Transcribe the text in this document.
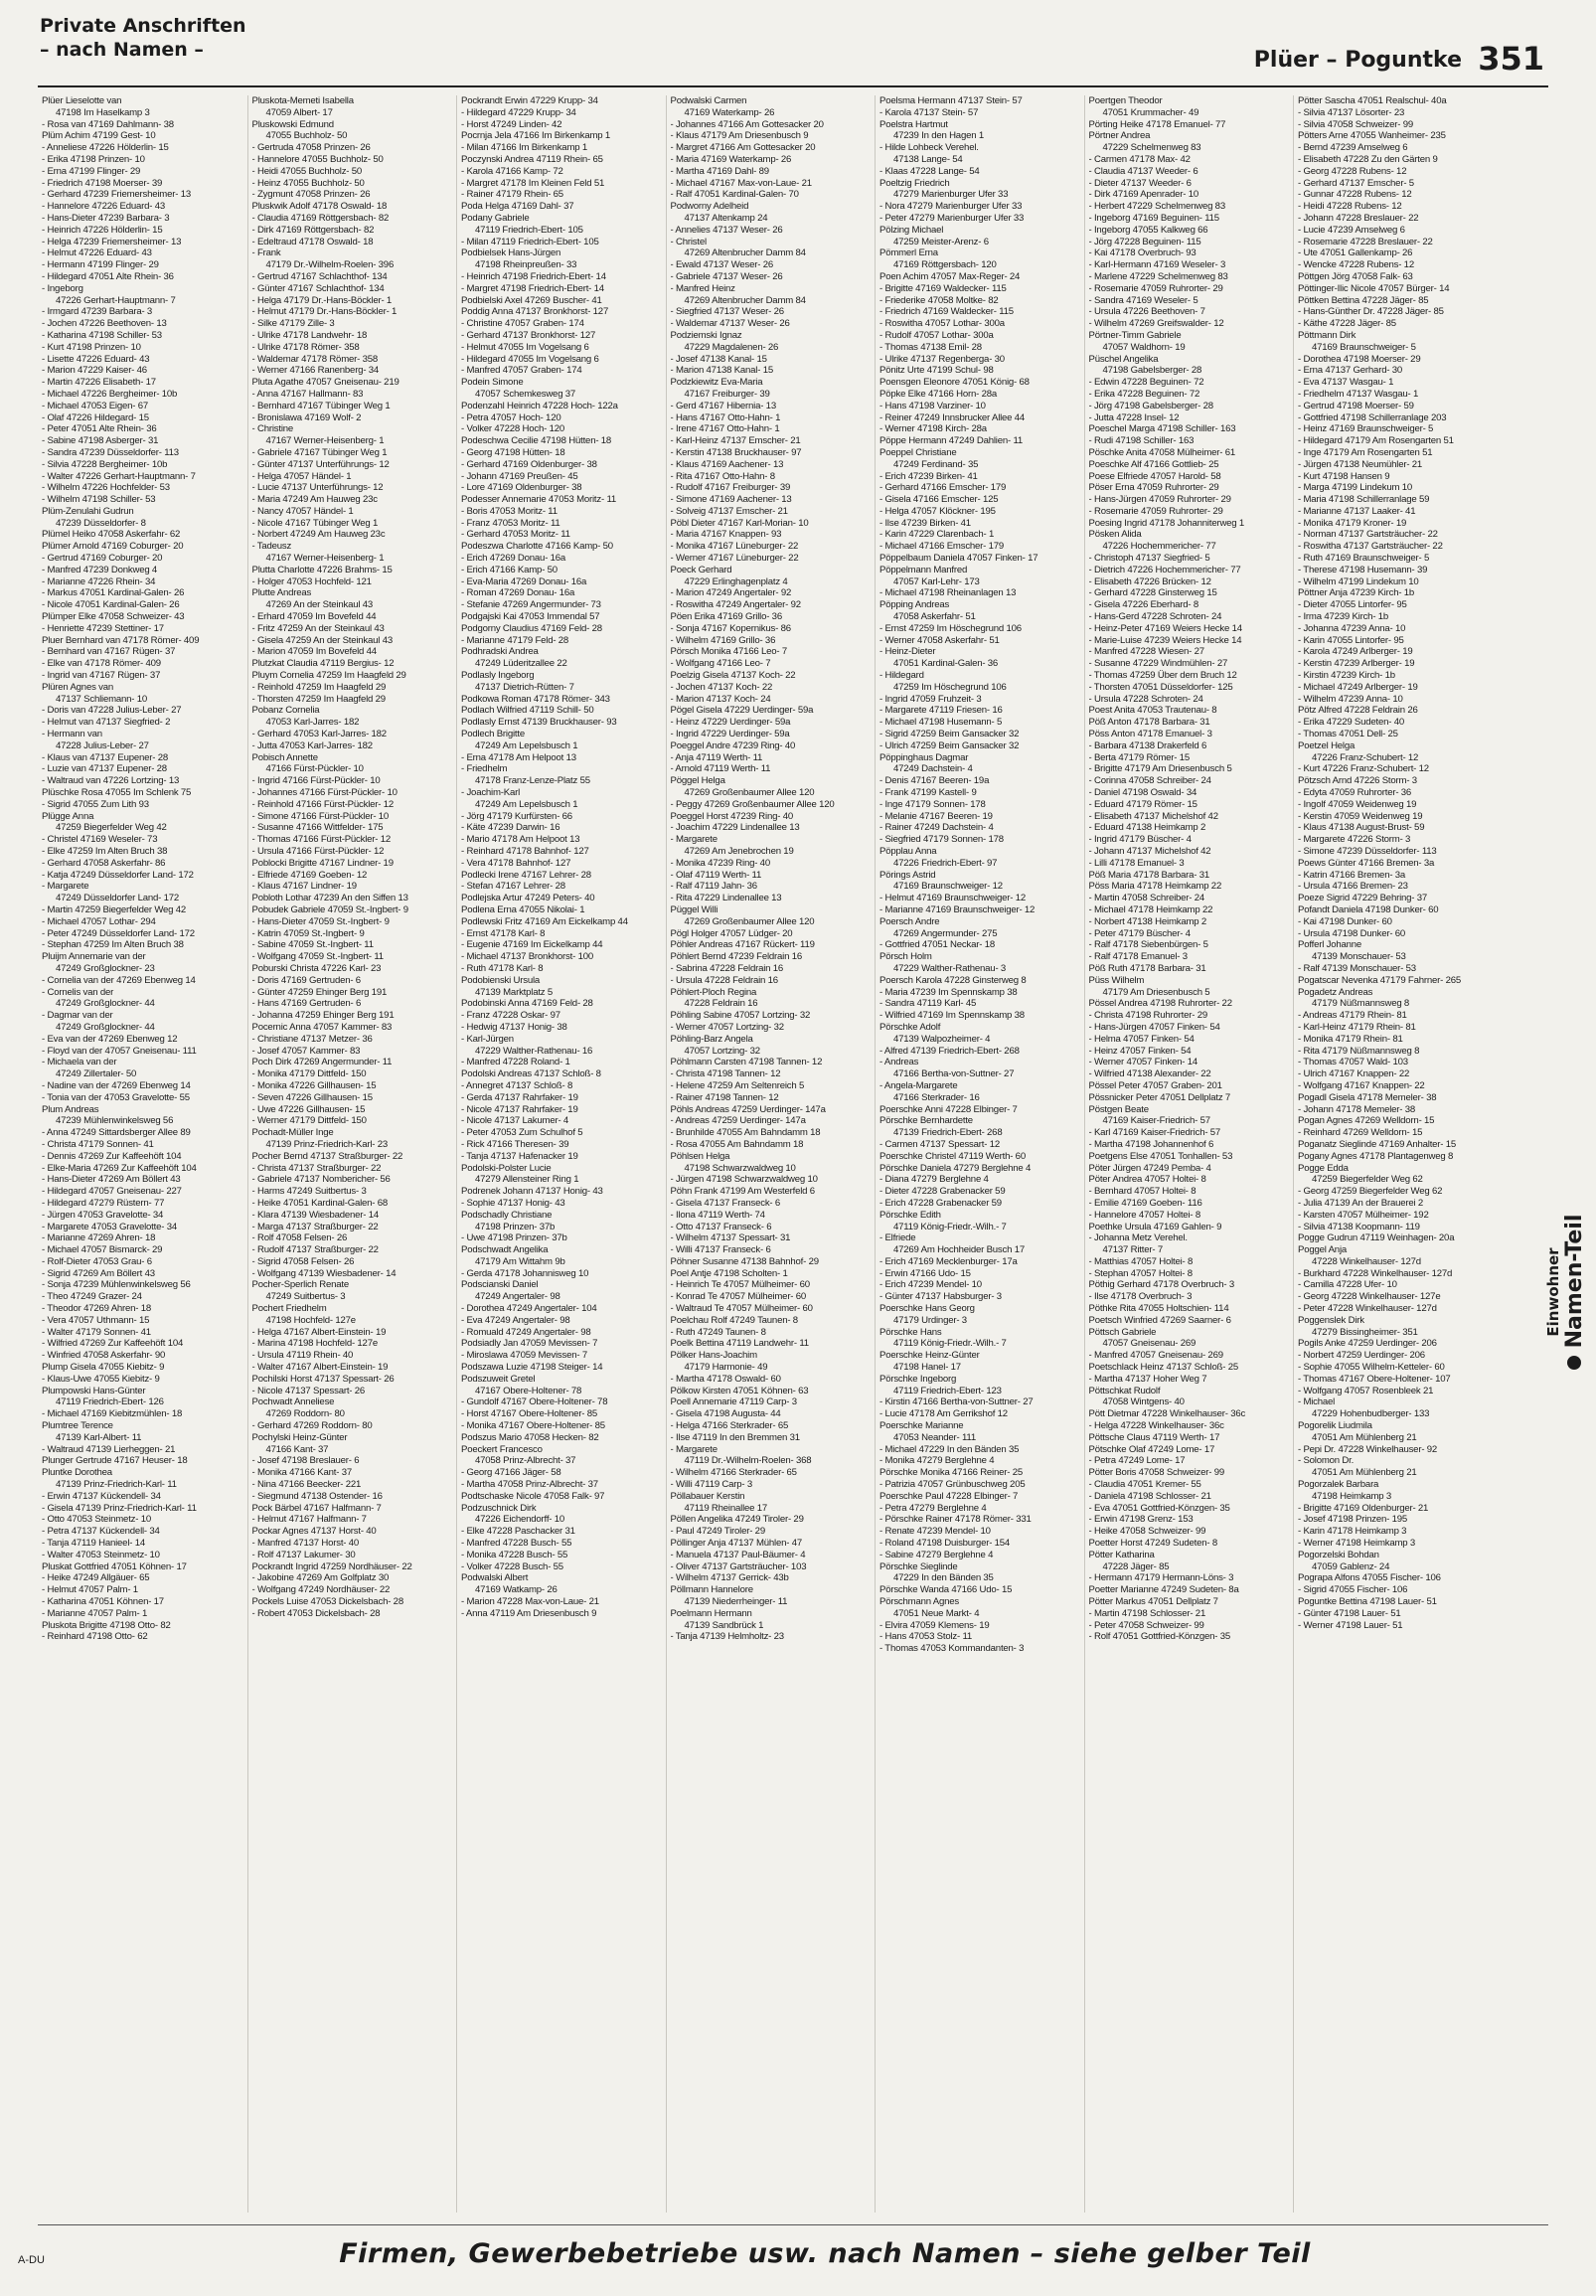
Private Anschriften
– nach Namen –	Plüer – Poguntke 351
Plüer Lieselotte van
47198 Im Haselkamp 3
- Rosa van 47169 Dahlmann- 38
Plüm Achim 47199 Gest- 10
- Anneliese 47226 Hölderlin- 15
- Erika 47198 Prinzen- 10
- Erna 47199 Flinger- 29
- Friedrich 47198 Moerser- 39
- Gerhard 47239 Friemersheimer- 13
- Hannelore 47226 Eduard- 43
- Hans-Dieter 47239 Barbara- 3
- Heinrich 47226 Hölderlin- 15
- Helga 47239 Friemersheimer- 13
- Helmut 47226 Eduard- 43
- Hermann 47199 Flinger- 29
- Hildegard 47051 Alte Rhein- 36
- Ingeborg
47226 Gerhart-Hauptmann- 7
- Irmgard 47239 Barbara- 3
- Jochen 47226 Beethoven- 13
- Katharina 47198 Schiller- 53
- Kurt 47198 Prinzen- 10
- Lisette 47226 Eduard- 43
- Marion 47229 Kaiser- 46
- Martin 47226 Elisabeth- 17
- Michael 47226 Bergheimer- 10b
- Michael 47053 Eigen- 67
- Olaf 47226 Hildegard- 15
- Peter 47051 Alte Rhein- 36
- Sabine 47198 Asberger- 31
- Sandra 47239 Düsseldorfer- 113
- Silvia 47228 Bergheimer- 10b
- Walter 47226 Gerhart-Hauptmann- 7
- Wilhelm 47226 Hochfelder- 53
- Wilhelm 47198 Schiller- 53
Plüm-Zenulahi Gudrun
47239 Düsseldorfer- 8
Plümel Heiko 47058 Askerfahr- 62
Plümer Arnold 47169 Coburger- 20
- Gertrud 47169 Coburger- 20
- Manfred 47239 Donkweg 4
- Marianne 47226 Rhein- 34
- Markus 47051 Kardinal-Galen- 26
- Nicole 47051 Kardinal-Galen- 26
Plümper Elke 47058 Schweizer- 43
- Henriette 47239 Stettiner- 17
Pluer Bernhard van 47178 Römer- 409
- Bernhard van 47167 Rügen- 37
- Elke van 47178 Römer- 409
- Ingrid van 47167 Rügen- 37
Plüren Agnes van
47137 Schliemann- 10
- Doris van 47228 Julius-Leber- 27
- Helmut van 47137 Siegfried- 2
- Hermann van
47228 Julius-Leber- 27
- Klaus van 47137 Eupener- 28
- Luzie van 47137 Eupener- 28
- Waltraud van 47226 Lortzing- 13
Plüschke Rosa 47055 Im Schlenk 75
- Sigrid 47055 Zum Lith 93
Plügge Anna
47259 Biegerfelder Weg 42
- Christel 47169 Weseler- 73
- Elke 47259 Im Alten Bruch 38
- Gerhard 47058 Askerfahr- 86
- Katja 47249 Düsseldorfer Land- 172
- Margarete
47249 Düsseldorfer Land- 172
- Martin 47259 Biegerfelder Weg 42
- Michael 47057 Lothar- 294
- Peter 47249 Düsseldorfer Land- 172
- Stephan 47259 Im Alten Bruch 38
Pluijm Annemarie van der
47249 Großglockner- 23
- Cornelia van der 47269 Ebenweg 14
- Cornelis van der
47249 Großglockner- 44
- Dagmar van der
47249 Großglockner- 44
- Eva van der 47269 Ebenweg 12
- Floyd van der 47057 Gneisenau- 111
- Michaela van der
47249 Zillertaler- 50
- Nadine van der 47269 Ebenweg 14
- Tonia van der 47053 Gravelotte- 55
Plum Andreas
47239 Mühlenwinkelsweg 56
- Anna 47249 Sittardsberger Allee 89
- Christa 47179 Sonnen- 41
- Dennis 47269 Zur Kaffeehöft 104
- Elke-Maria 47269 Zur Kaffeehöft 104
- Hans-Dieter 47269 Am Böllert 43
- Hildegard 47057 Gneisenau- 227
- Hildegard 47279 Rüstern- 77
- Jürgen 47053 Gravelotte- 34
- Margarete 47053 Gravelotte- 34
- Marianne 47269 Ahren- 18
- Michael 47057 Bismarck- 29
- Rolf-Dieter 47053 Grau- 6
- Sigrid 47269 Am Böllert 43
- Sonja 47239 Mühlenwinkelsweg 56
- Theo 47249 Grazer- 24
- Theodor 47269 Ahren- 18
- Vera 47057 Uthmann- 15
- Walter 47179 Sonnen- 41
- Wilfried 47269 Zur Kaffeehöft 104
- Winfried 47058 Askerfahr- 90
Plump Gisela 47055 Kiebitz- 9
- Klaus-Uwe 47055 Kiebitz- 9
Plumpowski Hans-Günter
47119 Friedrich-Ebert- 126
- Michael 47169 Kiebitzmühlen- 18
Plumtree Terence
47139 Karl-Albert- 11
- Waltraud 47139 Lierheggen- 21
Plunger Gertrude 47167 Heuser- 18
Pluntke Dorothea
47139 Prinz-Friedrich-Karl- 11
- Erwin 47137 Kückendell- 34
- Gisela 47139 Prinz-Friedrich-Karl- 11
- Otto 47053 Steinmetz- 10
- Petra 47137 Kückendell- 34
- Tanja 47119 Hanieel- 14
- Walter 47053 Steinmetz- 10
Pluskat Gottfried 47051 Köhnen- 17
- Heike 47249 Allgäuer- 65
- Helmut 47057 Palm- 1
- Katharina 47051 Köhnen- 17
- Marianne 47057 Palm- 1
Pluskota Brigitte 47198 Otto- 82
- Reinhard 47198 Otto- 62
Pluskota-Memeti Isabella
47059 Albert- 17
Pluskowski Edmund
47055 Buchholz- 50
- Gertruda 47058 Prinzen- 26
- Hannelore 47055 Buchholz- 50
- Heidi 47055 Buchholz- 50
- Heinz 47055 Buchholz- 50
- Zygmunt 47058 Prinzen- 26
Pluskwik Adolf 47178 Oswald- 18
- Claudia 47169 Röttgersbach- 82
- Dirk 47169 Röttgersbach- 82
- Edeltraud 47178 Oswald- 18
- Frank
47179 Dr.-Wilhelm-Roelen- 396
- Gertrud 47167 Schlachthof- 134
- Günter 47167 Schlachthof- 134
- Helga 47179 Dr.-Hans-Böckler- 1
- Helmut 47179 Dr.-Hans-Böckler- 1
- Silke 47179 Zille- 3
- Ulrike 47178 Landwehr- 18
- Ulrike 47178 Römer- 358
- Waldemar 47178 Römer- 358
- Werner 47166 Ranenberg- 34
Pluta Agathe 47057 Gneisenau- 219
- Anna 47167 Hallmann- 83
- Bernhard 47167 Tübinger Weg 1
- Bronislawa 47169 Wolf- 2
- Christine
47167 Werner-Heisenberg- 1
- Gabriele 47167 Tübinger Weg 1
- Günter 47137 Unterführungs- 12
- Helga 47057 Händel- 1
- Lucie 47137 Unterführungs- 12
- Maria 47249 Am Hauweg 23c
- Nancy 47057 Händel- 1
- Nicole 47167 Tübinger Weg 1
- Norbert 47249 Am Hauweg 23c
- Tadeusz
47167 Werner-Heisenberg- 1
Plutta Charlotte 47226 Brahms- 15
- Holger 47053 Hochfeld- 121
Plutte Andreas
47269 An der Steinkaul 43
- Erhard 47059 Im Bovefeld 44
- Fritz 47259 An der Steinkaul 43
- Gisela 47259 An der Steinkaul 43
- Marion 47059 Im Bovefeld 44
Plutzkat Claudia 47119 Bergius- 12
Pluym Cornelia 47259 Im Haagfeld 29
- Reinhold 47259 Im Haagfeld 29
- Thorsten 47259 Im Haagfeld 29
Pobanz Cornelia
47053 Karl-Jarres- 182
- Gerhard 47053 Karl-Jarres- 182
- Jutta 47053 Karl-Jarres- 182
Pobisch Annette
47166 Fürst-Pückler- 10
- Ingrid 47166 Fürst-Pückler- 10
- Johannes 47166 Fürst-Pückler- 10
- Reinhold 47166 Fürst-Pückler- 12
- Simone 47166 Fürst-Pückler- 10
- Susanne 47166 Wittfelder- 175
- Thomas 47166 Fürst-Pückler- 12
- Ursula 47166 Fürst-Pückler- 12
Poblocki Brigitte 47167 Lindner- 19
- Elfriede 47169 Goeben- 12
- Klaus 47167 Lindner- 19
Pobloth Lothar 47239 An den Siffen 13
Pobudek Gabriele 47059 St.-Ingbert- 9
- Hans-Dieter 47059 St.-Ingbert- 9
- Katrin 47059 St.-Ingbert- 9
- Sabine 47059 St.-Ingbert- 11
- Wolfgang 47059 St.-Ingbert- 11
Poburski Christa 47226 Karl- 23
- Doris 47169 Gertruden- 6
- Günter 47259 Ehinger Berg 191
- Hans 47169 Gertruden- 6
- Johanna 47259 Ehinger Berg 191
Pocernic Anna 47057 Kammer- 83
- Christiane 47137 Metzer- 36
- Josef 47057 Kammer- 83
Poch Dirk 47269 Angermunder- 11
- Monika 47179 Dittfeld- 150
- Monika 47226 Gillhausen- 15
- Seven 47226 Gillhausen- 15
- Uwe 47226 Gillhausen- 15
- Werner 47179 Dittfeld- 150
Pochadt-Müller Inge
47139 Prinz-Friedrich-Karl- 23
Pocher Bernd 47137 Straßburger- 22
- Christa 47137 Straßburger- 22
- Gabriele 47137 Nombericher- 56
- Harms 47249 Suitbertus- 3
- Heike 47051 Kardinal-Galen- 68
- Klara 47139 Wiesbadener- 14
- Marga 47137 Straßburger- 22
- Rolf 47058 Felsen- 26
- Rudolf 47137 Straßburger- 22
- Sigrid 47058 Felsen- 26
- Wolfgang 47139 Wiesbadener- 14
Pocher-Sperlich Renate
47249 Suitbertus- 3
Pochert Friedhelm
47198 Hochfeld- 127e
- Helga 47167 Albert-Einstein- 19
- Marina 47198 Hochfeld- 127e
- Ursula 47119 Rhein- 40
- Walter 47167 Albert-Einstein- 19
Pochilski Horst 47137 Spessart- 26
- Nicole 47137 Spessart- 26
Pochwadt Anneliese
47269 Roddorn- 80
- Gerhard 47269 Roddorn- 80
Pochylski Heinz-Günter
47166 Kant- 37
- Josef 47198 Breslauer- 6
- Monika 47166 Kant- 37
- Nina 47166 Beecker- 221
- Siegmund 47138 Ostender- 16
Pock Bärbel 47167 Halfmann- 7
- Helmut 47167 Halfmann- 7
Pockar Agnes 47137 Horst- 40
- Manfred 47137 Horst- 40
- Rolf 47137 Lakumer- 30
Pockrandt Ingrid 47259 Nordhäuser- 22
- Jakobine 47269 Am Golfplatz 30
- Wolfgang 47249 Nordhäuser- 22
Pockels Luise 47053 Dickelsbach- 28
- Robert 47053 Dickelsbach- 28
Pockrandt Erwin 47229 Krupp- 34
- Hildegard 47229 Krupp- 34
- Horst 47249 Linden- 42
Pocrnja Jela 47166 Im Birkenkamp 1
- Milan 47166 Im Birkenkamp 1
Poczynski Andrea 47119 Rhein- 65
- Karola 47166 Kamp- 72
- Margret 47178 Im Kleinen Feld 51
- Rainer 47179 Rhein- 65
Poda Helga 47169 Dahl- 37
Podany Gabriele
47119 Friedrich-Ebert- 105
- Milan 47119 Friedrich-Ebert- 105
Podbielsek Hans-Jürgen
47198 Rheinpreußen- 33
- Heinrich 47198 Friedrich-Ebert- 14
- Margret 47198 Friedrich-Ebert- 14
Podbielski Axel 47269 Buscher- 41
Poddig Anna 47137 Bronkhorst- 127
- Christine 47057 Graben- 174
- Gerhard 47137 Bronkhorst- 127
- Helmut 47055 Im Vogelsang 6
- Hildegard 47055 Im Vogelsang 6
- Manfred 47057 Graben- 174
Podein Simone
47057 Schemkesweg 37
Podenzahl Heinrich 47228 Hoch- 122a
- Petra 47057 Hoch- 120
- Volker 47228 Hoch- 120
Podeschwa Cecilie 47198 Hütten- 18
- Georg 47198 Hütten- 18
- Gerhard 47169 Oldenburger- 38
- Johann 47169 Preußen- 45
- Lore 47169 Oldenburger- 38
Podesser Annemarie 47053 Moritz- 11
- Boris 47053 Moritz- 11
- Franz 47053 Moritz- 11
- Gerhard 47053 Moritz- 11
Podeszwa Charlotte 47166 Kamp- 50
- Erich 47269 Donau- 16a
- Erich 47166 Kamp- 50
- Eva-Maria 47269 Donau- 16a
- Roman 47269 Donau- 16a
- Stefanie 47269 Angermunder- 73
Podgajski Kai 47053 Immendal 57
Podgorny Claudius 47169 Feld- 28
- Marianne 47179 Feld- 28
Podhradski Andrea
47249 Lüderitzallee 22
Podlasly Ingeborg
47137 Dietrich-Rütten- 7
Podkowa Roman 47178 Römer- 343
Podlach Wilfried 47119 Schill- 50
Podlasly Ernst 47139 Bruckhauser- 93
Podlech Brigitte
47249 Am Lepelsbusch 1
- Erna 47178 Am Helpoot 13
- Friedhelm
47178 Franz-Lenze-Platz 55
- Joachim-Karl
47249 Am Lepelsbusch 1
- Jörg 47179 Kurfürsten- 66
- Käte 47239 Darwin- 16
- Mario 47178 Am Helpoot 13
- Reinhard 47178 Bahnhof- 127
- Vera 47178 Bahnhof- 127
Podlecki Irene 47167 Lehrer- 28
- Stefan 47167 Lehrer- 28
Podlejska Artur 47249 Peters- 40
Podlena Erna 47055 Nikolai- 1
Podlewski Fritz 47169 Am Eickelkamp 44
- Ernst 47178 Karl- 8
- Eugenie 47169 Im Eickelkamp 44
- Michael 47137 Bronkhorst- 100
- Ruth 47178 Karl- 8
Podobienski Ursula
47139 Marktplatz 5
Podobinski Anna 47169 Feld- 28
- Franz 47228 Oskar- 97
- Hedwig 47137 Honig- 38
- Karl-Jürgen
47229 Walther-Rathenau- 16
- Manfred 47228 Roland- 1
Podolski Andreas 47137 Schloß- 8
- Annegret 47137 Schloß- 8
- Gerda 47137 Rahrfaker- 19
- Nicole 47137 Rahrfaker- 19
- Nicole 47137 Lakumer- 4
- Peter 47053 Zum Schulhof 5
- Rick 47166 Theresen- 39
- Tanja 47137 Hafenacker 19
Podolski-Polster Lucie
47279 Allensteiner Ring 1
Podrenek Johann 47137 Honig- 43
- Sophie 47137 Honig- 43
Podschadly Christiane
47198 Prinzen- 37b
- Uwe 47198 Prinzen- 37b
Podschwadt Angelika
47179 Am Wittahm 9b
- Gerda 47178 Johannisweg 10
Podscianski Daniel
47249 Angertaler- 98
- Dorothea 47249 Angertaler- 104
- Eva 47249 Angertaler- 98
- Romuald 47249 Angertaler- 98
Podsiadly Jan 47059 Mevissen- 7
- Miroslawa 47059 Mevissen- 7
Podszawa Luzie 47198 Steiger- 14
Podszuweit Gretel
47167 Obere-Holtener- 78
- Gundolf 47167 Obere-Holtener- 78
- Horst 47167 Obere-Holtener- 85
- Monika 47167 Obere-Holtener- 85
Podszus Mario 47058 Hecken- 82
Poeckert Francesco
47058 Prinz-Albrecht- 37
- Georg 47166 Jäger- 58
- Martha 47058 Prinz-Albrecht- 37
Podtschaske Nicole 47058 Falk- 97
Podzuschnick Dirk
47226 Eichendorff- 10
- Elke 47228 Paschacker 31
- Manfred 47228 Busch- 55
- Monika 47228 Busch- 55
- Volker 47228 Busch- 55
Podwalski Albert
47169 Watkamp- 26
- Marion 47228 Max-von-Laue- 21
- Anna 47119 Am Driesenbusch 9
Podwalski Carmen
47169 Waterkamp- 26
- Johannes 47166 Am Gottesacker 20
- Klaus 47179 Am Driesenbusch 9
- Margret 47166 Am Gottesacker 20
- Maria 47169 Waterkamp- 26
- Martha 47169 Dahl- 89
- Michael 47167 Max-von-Laue- 21
- Ralf 47051 Kardinal-Galen- 70
Podworny Adelheid
47137 Altenkamp 24
- Annelies 47137 Weser- 26
- Christel
47269 Altenbrucher Damm 84
- Ewald 47137 Weser- 26
- Gabriele 47137 Weser- 26
- Manfred Heinz
47269 Altenbrucher Damm 84
- Siegfried 47137 Weser- 26
- Waldemar 47137 Weser- 26
Podziemski Ignaz
47229 Magdalenen- 26
- Josef 47138 Kanal- 15
- Marion 47138 Kanal- 15
Podzkiewitz Eva-Maria
47167 Freiburger- 39
- Gerd 47167 Hibernia- 13
- Hans 47167 Otto-Hahn- 1
- Irene 47167 Otto-Hahn- 1
- Karl-Heinz 47137 Emscher- 21
- Kerstin 47138 Bruckhauser- 97
- Klaus 47169 Aachener- 13
- Rita 47167 Otto-Hahn- 8
- Rudolf 47167 Freiburger- 39
- Simone 47169 Aachener- 13
- Solveig 47137 Emscher- 21
Pöbl Dieter 47167 Karl-Morian- 10
- Maria 47167 Knappen- 93
- Monika 47167 Lüneburger- 22
- Werner 47167 Lüneburger- 22
Poeck Gerhard
47229 Erlinghagenplatz 4
- Marion 47249 Angertaler- 92
- Roswitha 47249 Angertaler- 92
Pöen Erika 47169 Grillo- 36
- Sonja 47167 Kopernikus- 86
- Wilhelm 47169 Grillo- 36
Pörsch Monika 47166 Leo- 7
- Wolfgang 47166 Leo- 7
Poelzig Gisela 47137 Koch- 22
- Jochen 47137 Koch- 22
- Marion 47137 Koch- 24
Pögel Gisela 47229 Uerdinger- 59a
- Heinz 47229 Uerdinger- 59a
- Ingrid 47229 Uerdinger- 59a
Poeggel Andre 47239 Ring- 40
- Anja 47119 Werth- 11
- Arnold 47119 Werth- 11
Pöggel Helga
47269 Großenbaumer Allee 120
- Peggy 47269 Großenbaumer Allee 120
Poeggel Horst 47239 Ring- 40
- Joachim 47229 Lindenallee 13
- Margarete
47269 Am Jenebrochen 19
- Monika 47239 Ring- 40
- Olaf 47119 Werth- 11
- Ralf 47119 Jahn- 36
- Rita 47229 Lindenallee 13
Püggel Willi
47269 Großenbaumer Allee 120
Pögl Holger 47057 Lüdger- 20
Pöhler Andreas 47167 Rückert- 119
Pöhlert Bernd 47239 Feldrain 16
- Sabrina 47228 Feldrain 16
- Ursula 47228 Feldrain 16
Pöhlert-Ploch Regina
47228 Feldrain 16
Pöhling Sabine 47057 Lortzing- 32
- Werner 47057 Lortzing- 32
Pöhling-Barz Angela
47057 Lortzing- 32
Pöhlmann Carsten 47198 Tannen- 12
- Christa 47198 Tannen- 12
- Helene 47259 Am Seltenreich 5
- Rainer 47198 Tannen- 12
Pöhls Andreas 47259 Uerdinger- 147a
- Andreas 47259 Uerdinger- 147a
- Brunhilde 47055 Am Bahndamm 18
- Rosa 47055 Am Bahndamm 18
Pöhlsen Helga
47198 Schwarzwaldweg 10
- Jürgen 47198 Schwarzwaldweg 10
Pöhn Frank 47199 Am Westerfeld 6
- Gisela 47137 Franseck- 6
- Ilona 47119 Werth- 74
- Otto 47137 Franseck- 6
- Wilhelm 47137 Spessart- 31
- Willi 47137 Franseck- 6
Pöhner Susanne 47138 Bahnhof- 29
Poel Antje 47198 Scholten- 1
- Heinrich Te 47057 Mülheimer- 60
- Konrad Te 47057 Mülheimer- 60
- Waltraud Te 47057 Mülheimer- 60
Poelchau Rolf 47249 Taunen- 8
- Ruth 47249 Taunen- 8
Poelk Bettina 47119 Landwehr- 11
Pölker Hans-Joachim
47179 Harmonie- 49
- Martha 47178 Oswald- 60
Pölkow Kirsten 47051 Köhnen- 63
Poell Annemarie 47119 Carp- 3
- Gisela 47198 Augusta- 44
- Helga 47166 Sterkrader- 65
- Ilse 47119 In den Bremmen 31
- Margarete
47119 Dr.-Wilhelm-Roelen- 368
- Wilhelm 47166 Sterkrader- 65
- Willi 47119 Carp- 3
Pöllabauer Kerstin
47119 Rheinallee 17
Pöllen Angelika 47249 Tiroler- 29
- Paul 47249 Tiroler- 29
Pöllinger Anja 47137 Mühlen- 47
- Manuela 47137 Paul-Bäumer- 4
- Oliver 47137 Gartsträucher- 103
- Wilhelm 47137 Gerrick- 43b
Pöllmann Hannelore
47139 Niederrheinger- 11
Poelmann Hermann
47139 Sandbrück 1
- Tanja 47139 Helmholtz- 23
Poelsma Hermann 47137 Stein- 57
- Karola 47137 Stein- 57
Poelstra Hartmut
47239 In den Hagen 1
- Hilde Lohbeck Verehel.
47138 Lange- 54
- Klaas 47228 Lange- 54
Poeltzig Friedrich
47279 Marienburger Ufer 33
- Nora 47279 Marienburger Ufer 33
- Peter 47279 Marienburger Ufer 33
Pölzing Michael
47259 Meister-Arenz- 6
Pömmerl Erna
47169 Röttgersbach- 120
Poen Achim 47057 Max-Reger- 24
- Brigitte 47169 Waldecker- 115
- Friederike 47058 Moltke- 82
- Friedrich 47169 Waldecker- 115
- Roswitha 47057 Lothar- 300a
- Rudolf 47057 Lothar- 300a
- Thomas 47138 Emil- 28
- Ulrike 47137 Regenberga- 30
Pönitz Urte 47199 Schul- 98
Poensgen Eleonore 47051 König- 68
Pöpke Elke 47166 Horn- 28a
- Hans 47198 Varziner- 10
- Reiner 47249 Innsbrucker Allee 44
- Werner 47198 Kirch- 28a
Pöppe Hermann 47249 Dahlien- 11
Poeppel Christiane
47249 Ferdinand- 35
- Erich 47239 Birken- 41
- Gerhard 47166 Emscher- 179
- Gisela 47166 Emscher- 125
- Helga 47057 Klöckner- 195
- Ilse 47239 Birken- 41
- Karin 47229 Clarenbach- 1
- Michael 47166 Emscher- 179
Pöppelbaum Daniela 47057 Finken- 17
Pöppelmann Manfred
47057 Karl-Lehr- 173
- Michael 47198 Rheinanlagen 13
Pöpping Andreas
47058 Askerfahr- 51
- Ernst 47259 Im Höschegrund 106
- Werner 47058 Askerfahr- 51
- Heinz-Dieter
47051 Kardinal-Galen- 36
- Hildegard
47259 Im Höschegrund 106
- Ingrid 47059 Fruhzeit- 3
- Margarete 47119 Friesen- 16
- Michael 47198 Husemann- 5
- Sigrid 47259 Beim Gansacker 32
- Ulrich 47259 Beim Gansacker 32
Pöppinghaus Dagmar
47249 Dachstein- 4
- Denis 47167 Beeren- 19a
- Frank 47199 Kastell- 9
- Inge 47179 Sonnen- 178
- Melanie 47167 Beeren- 19
- Rainer 47249 Dachstein- 4
- Siegfried 47179 Sonnen- 178
Pöpplau Anna
47226 Friedrich-Ebert- 97
Pörings Astrid
47169 Braunschweiger- 12
- Helmut 47169 Braunschweiger- 12
- Marianne 47169 Braunschweiger- 12
Poersch Andre
47269 Angermunder- 275
- Gottfried 47051 Neckar- 18
Pörsch Holm
47229 Walther-Rathenau- 3
Poersch Karola 47228 Ginsterweg 8
- Maria 47239 Im Spennskamp 38
- Sandra 47119 Karl- 45
- Wilfried 47169 Im Spennskamp 38
Pörschke Adolf
47139 Walpozheimer- 4
- Alfred 47139 Friedrich-Ebert- 268
- Andreas
47166 Bertha-von-Suttner- 27
- Angela-Margarete
47166 Sterkrader- 16
Poerschke Anni 47228 Elbinger- 7
Pörschke Bernhardette
47139 Friedrich-Ebert- 268
- Carmen 47137 Spessart- 12
Poerschke Christel 47119 Werth- 60
Pörschke Daniela 47279 Berglehne 4
- Diana 47279 Berglehne 4
- Dieter 47228 Grabenacker 59
- Erich 47228 Grabenacker 59
Pörschke Edith
47119 König-Friedr.-Wilh.- 7
- Elfriede
47269 Am Hochheider Busch 17
- Erich 47169 Mecklenburger- 17a
- Erwin 47166 Udo- 15
- Erich 47239 Mendel- 10
- Günter 47137 Habsburger- 3
Poerschke Hans Georg
47179 Urdinger- 3
Pörschke Hans
47119 König-Friedr.-Wilh.- 7
Poerschke Heinz-Günter
47198 Hanel- 17
Pörschke Ingeborg
47119 Friedrich-Ebert- 123
- Kirstin 47166 Bertha-von-Suttner- 27
- Lucie 47178 Am Gerrikshof 12
Poerschke Marianne
47053 Neander- 111
- Michael 47229 In den Bänden 35
- Monika 47279 Berglehne 4
Pörschke Monika 47166 Reiner- 25
- Patrizia 47057 Grünbuschweg 205
Poerschke Paul 47228 Elbinger- 7
- Petra 47279 Berglehne 4
- Pörschke Rainer 47178 Römer- 331
- Renate 47239 Mendel- 10
- Roland 47198 Duisburger- 154
- Sabine 47279 Berglehne 4
Pörschke Sieglinde
47229 In den Bänden 35
Pörschke Wanda 47166 Udo- 15
Pörschmann Agnes
47051 Neue Markt- 4
- Elvira 47059 Klemens- 19
- Hans 47053 Stolz- 11
- Thomas 47053 Kommandanten- 3
Poertgen Theodor
47051 Krummacher- 49
Pörting Heike 47178 Emanuel- 77
Pörtner Andrea
47229 Schelmenweg 83
- Carmen 47178 Max- 42
- Claudia 47137 Weeder- 6
- Dieter 47137 Weeder- 6
- Dirk 47169 Apenrader- 10
- Herbert 47229 Schelmenweg 83
- Ingeborg 47169 Beguinen- 115
- Ingeborg 47055 Kalkweg 66
- Jörg 47228 Beguinen- 115
- Kai 47178 Overbruch- 93
- Karl-Hermann 47169 Weseler- 3
- Marlene 47229 Schelmenweg 83
- Rosemarie 47059 Ruhrorter- 29
- Sandra 47169 Weseler- 5
- Ursula 47226 Beethoven- 7
- Wilhelm 47269 Greifswalder- 12
Pörtner-Timm Gabriele
47057 Waldhorn- 19
Püschel Angelika
47198 Gabelsberger- 28
- Edwin 47228 Beguinen- 72
- Erika 47228 Beguinen- 72
- Jörg 47198 Gabelsberger- 28
- Jutta 47228 Insel- 12
Poeschel Marga 47198 Schiller- 163
- Rudi 47198 Schiller- 163
Pöschke Anita 47058 Mülheimer- 61
Poeschke Alf 47166 Gottlieb- 25
Poese Elfriede 47057 Harold- 58
Pöser Erna 47059 Ruhrorter- 29
- Hans-Jürgen 47059 Ruhrorter- 29
- Rosemarie 47059 Ruhrorter- 29
Poesing Ingrid 47178 Johanniterweg 1
Pösken Alida
47226 Hochemmericher- 77
- Christoph 47137 Siegfried- 5
- Dietrich 47226 Hochemmericher- 77
- Elisabeth 47226 Brücken- 12
- Gerhard 47228 Ginsterweg 15
- Gisela 47226 Eberhard- 8
- Hans-Gerd 47228 Schroten- 24
- Heinz-Peter 47169 Weiers Hecke 14
- Marie-Luise 47239 Weiers Hecke 14
- Manfred 47228 Wiesen- 27
- Susanne 47229 Windmühlen- 27
- Thomas 47259 Über dem Bruch 12
- Thorsten 47051 Düsseldorfer- 125
- Ursula 47228 Schroten- 24
Poest Anita 47053 Trautenau- 8
Pöß Anton 47178 Barbara- 31
Pöss Anton 47178 Emanuel- 3
- Barbara 47138 Drakerfeld 6
- Berta 47179 Römer- 15
- Brigitte 47179 Am Driesenbusch 5
- Corinna 47058 Schreiber- 24
- Daniel 47198 Oswald- 34
- Eduard 47179 Römer- 15
- Elisabeth 47137 Michelshof 42
- Eduard 47138 Heimkamp 2
- Ingrid 47179 Büscher- 4
- Johann 47137 Michelshof 42
- Lilli 47178 Emanuel- 3
Pöß Maria 47178 Barbara- 31
Pöss Maria 47178 Heimkamp 22
- Martin 47058 Schreiber- 24
- Michael 47178 Heimkamp 22
- Norbert 47138 Heimkamp 2
- Peter 47179 Büscher- 4
- Ralf 47178 Siebenbürgen- 5
- Ralf 47178 Emanuel- 3
Pöß Ruth 47178 Barbara- 31
Püss Wilhelm
47179 Am Driesenbusch 5
Pössel Andrea 47198 Ruhrorter- 22
- Christa 47198 Ruhrorter- 29
- Hans-Jürgen 47057 Finken- 54
- Helma 47057 Finken- 54
- Heinz 47057 Finken- 54
- Werner 47057 Finken- 14
- Wilfried 47138 Alexander- 22
Pössel Peter 47057 Graben- 201
Pössnicker Peter 47051 Dellplatz 7
Pöstgen Beate
47169 Kaiser-Friedrich- 57
- Karl 47169 Kaiser-Friedrich- 57
- Martha 47198 Johannenhof 6
Poetgens Else 47051 Tonhallen- 53
Pöter Jürgen 47249 Pemba- 4
Pöter Andrea 47057 Holtei- 8
- Bernhard 47057 Holtei- 8
- Emilie 47169 Goeben- 116
- Hannelore 47057 Holtei- 8
Poethke Ursula 47169 Gahlen- 9
- Johanna Metz Verehel.
47137 Ritter- 7
- Matthias 47057 Holtei- 8
- Stephan 47057 Holtei- 8
Pöthig Gerhard 47178 Overbruch- 3
- Ilse 47178 Overbruch- 3
Pöthke Rita 47055 Holtschien- 114
Poetsch Winfried 47269 Saarner- 6
Pöttsch Gabriele
47057 Gneisenau- 269
- Manfred 47057 Gneisenau- 269
Poetschlack Heinz 47137 Schloß- 25
- Martha 47137 Hoher Weg 7
Pöttschkat Rudolf
47058 Wintgens- 40
Pött Dietmar 47228 Winkelhauser- 36c
- Helga 47228 Winkelhauser- 36c
Pöttsche Claus 47119 Werth- 17
Pötschke Olaf 47249 Lome- 17
- Petra 47249 Lome- 17
Pötter Boris 47058 Schweizer- 99
- Claudia 47051 Kremer- 55
- Daniela 47198 Schlosser- 21
- Eva 47051 Gottfried-Könzgen- 35
- Erwin 47198 Grenz- 153
- Heike 47058 Schweizer- 99
Poetter Horst 47249 Sudeten- 8
Pötter Katharina
47228 Jäger- 85
- Hermann 47179 Hermann-Löns- 3
Poetter Marianne 47249 Sudeten- 8a
Pötter Markus 47051 Dellplatz 7
- Martin 47198 Schlosser- 21
- Peter 47058 Schweizer- 99
- Rolf 47051 Gottfried-Könzgen- 35
Pötter Sascha 47051 Realschul- 40a
- Silvia 47137 Lösorter- 23
- Silvia 47058 Schweizer- 99
Pötters Arne 47055 Wanheimer- 235
- Bernd 47239 Amselweg 6
- Elisabeth 47228 Zu den Gärten 9
- Georg 47228 Rubens- 12
- Gerhard 47137 Emscher- 5
- Gunnar 47228 Rubens- 12
- Heidi 47228 Rubens- 12
- Johann 47228 Breslauer- 22
- Lucie 47239 Amselweg 6
- Rosemarie 47228 Breslauer- 22
- Ute 47051 Gallenkamp- 26
- Wencke 47228 Rubens- 12
Pöttgen Jörg 47058 Falk- 63
Pöttinger-Ilic Nicole 47057 Bürger- 14
Pöttken Bettina 47228 Jäger- 85
- Hans-Günther Dr. 47228 Jäger- 85
- Käthe 47228 Jäger- 85
Pöttmann Dirk
47169 Braunschweiger- 5
- Dorothea 47198 Moerser- 29
- Erna 47137 Gerhard- 30
- Eva 47137 Wasgau- 1
- Friedhelm 47137 Wasgau- 1
- Gertrud 47198 Moerser- 59
- Gottfried 47198 Schillerranlage 203
- Heinz 47169 Braunschweiger- 5
- Hildegard 47179 Am Rosengarten 51
- Inge 47179 Am Rosengarten 51
- Jürgen 47138 Neumühler- 21
- Kurt 47198 Hansen 9
- Marga 47199 Lindekum 10
- Maria 47198 Schillerranlage 59
- Marianne 47137 Laaker- 41
- Monika 47179 Kroner- 19
- Norman 47137 Gartsträucher- 22
- Roswitha 47137 Gartsträucher- 22
- Ruth 47169 Braunschweiger- 5
- Therese 47198 Husemann- 39
- Wilhelm 47199 Lindekum 10
Pöttner Anja 47239 Kirch- 1b
- Dieter 47055 Lintorfer- 95
- Irma 47239 Kirch- 1b
- Johanna 47239 Anna- 10
- Karin 47055 Lintorfer- 95
- Karola 47249 Arlberger- 19
- Kerstin 47239 Arlberger- 19
- Kirstin 47239 Kirch- 1b
- Michael 47249 Arlberger- 19
- Wilhelm 47239 Anna- 10
Pötz Alfred 47228 Feldrain 26
- Erika 47229 Sudeten- 40
- Thomas 47051 Dell- 25
Poetzel Helga
47226 Franz-Schubert- 12
- Kurt 47226 Franz-Schubert- 12
Pötzsch Arnd 47226 Storm- 3
- Edyta 47059 Ruhrorter- 36
- Ingolf 47059 Weidenweg 19
- Kerstin 47059 Weidenweg 19
- Klaus 47138 August-Brust- 59
- Margarete 47226 Storm- 3
- Simone 47239 Düsseldorfer- 113
Poews Günter 47166 Bremen- 3a
- Katrin 47166 Bremen- 3a
- Ursula 47166 Bremen- 23
Poeze Sigrid 47229 Behring- 37
Pofandt Daniela 47198 Dunker- 60
- Kai 47198 Dunker- 60
- Ursula 47198 Dunker- 60
Pofferl Johanne
47139 Monschauer- 53
- Ralf 47139 Monschauer- 53
Pogatscar Nevenka 47179 Fahrner- 265
Pogadetz Andreas
47179 Nüßmannsweg 8
- Andreas 47179 Rhein- 81
- Karl-Heinz 47179 Rhein- 81
- Monika 47179 Rhein- 81
- Rita 47179 Nüßmannsweg 8
- Thomas 47057 Wald- 103
- Ulrich 47167 Knappen- 22
- Wolfgang 47167 Knappen- 22
Pogadl Gisela 47178 Memeler- 38
- Johann 47178 Memeler- 38
Pogan Agnes 47269 Welldorn- 15
- Reinhard 47269 Welldorn- 15
Poganatz Sieglinde 47169 Anhalter- 15
Pogany Agnes 47178 Plantagenweg 8
Pogge Edda
47259 Biegerfelder Weg 62
- Georg 47259 Biegerfelder Weg 62
- Julia 47139 An der Brauerei 2
- Karsten 47057 Mülheimer- 192
- Silvia 47138 Koopmann- 119
Pogge Gudrun 47119 Weinhagen- 20a
Poggel Anja
47228 Winkelhauser- 127d
- Burkhard 47228 Winkelhauser- 127d
- Camilla 47228 Ufer- 10
- Georg 47228 Winkelhauser- 127e
- Peter 47228 Winkelhauser- 127d
Poggenslek Dirk
47279 Bissingheimer- 351
Pogils Anke 47259 Uerdinger- 206
- Norbert 47259 Uerdinger- 206
- Sophie 47055 Wilhelm-Ketteler- 60
- Thomas 47167 Obere-Holtener- 107
- Wolfgang 47057 Rosenbleek 21
- Michael
47229 Hohenbudberger- 133
Pogorelik Liudmila
47051 Am Mühlenberg 21
- Pepi Dr. 47228 Winkelhauser- 92
- Solomon Dr.
47051 Am Mühlenberg 21
Pogorzalek Barbara
47198 Heimkamp 3
- Brigitte 47169 Oldenburger- 21
- Josef 47198 Prinzen- 195
- Karin 47178 Heimkamp 3
- Werner 47198 Heimkamp 3
Pogorzelski Bohdan
47059 Gablenz- 24
Pograpa Alfons 47055 Fischer- 106
- Sigrid 47055 Fischer- 106
Poguntke Bettina 47198 Lauer- 51
- Günter 47198 Lauer- 51
- Werner 47198 Lauer- 51
Einwohner Namen-Teil
A-DU	Firmen, Gewerbebetriebe usw. nach Namen – siehe gelber Teil
